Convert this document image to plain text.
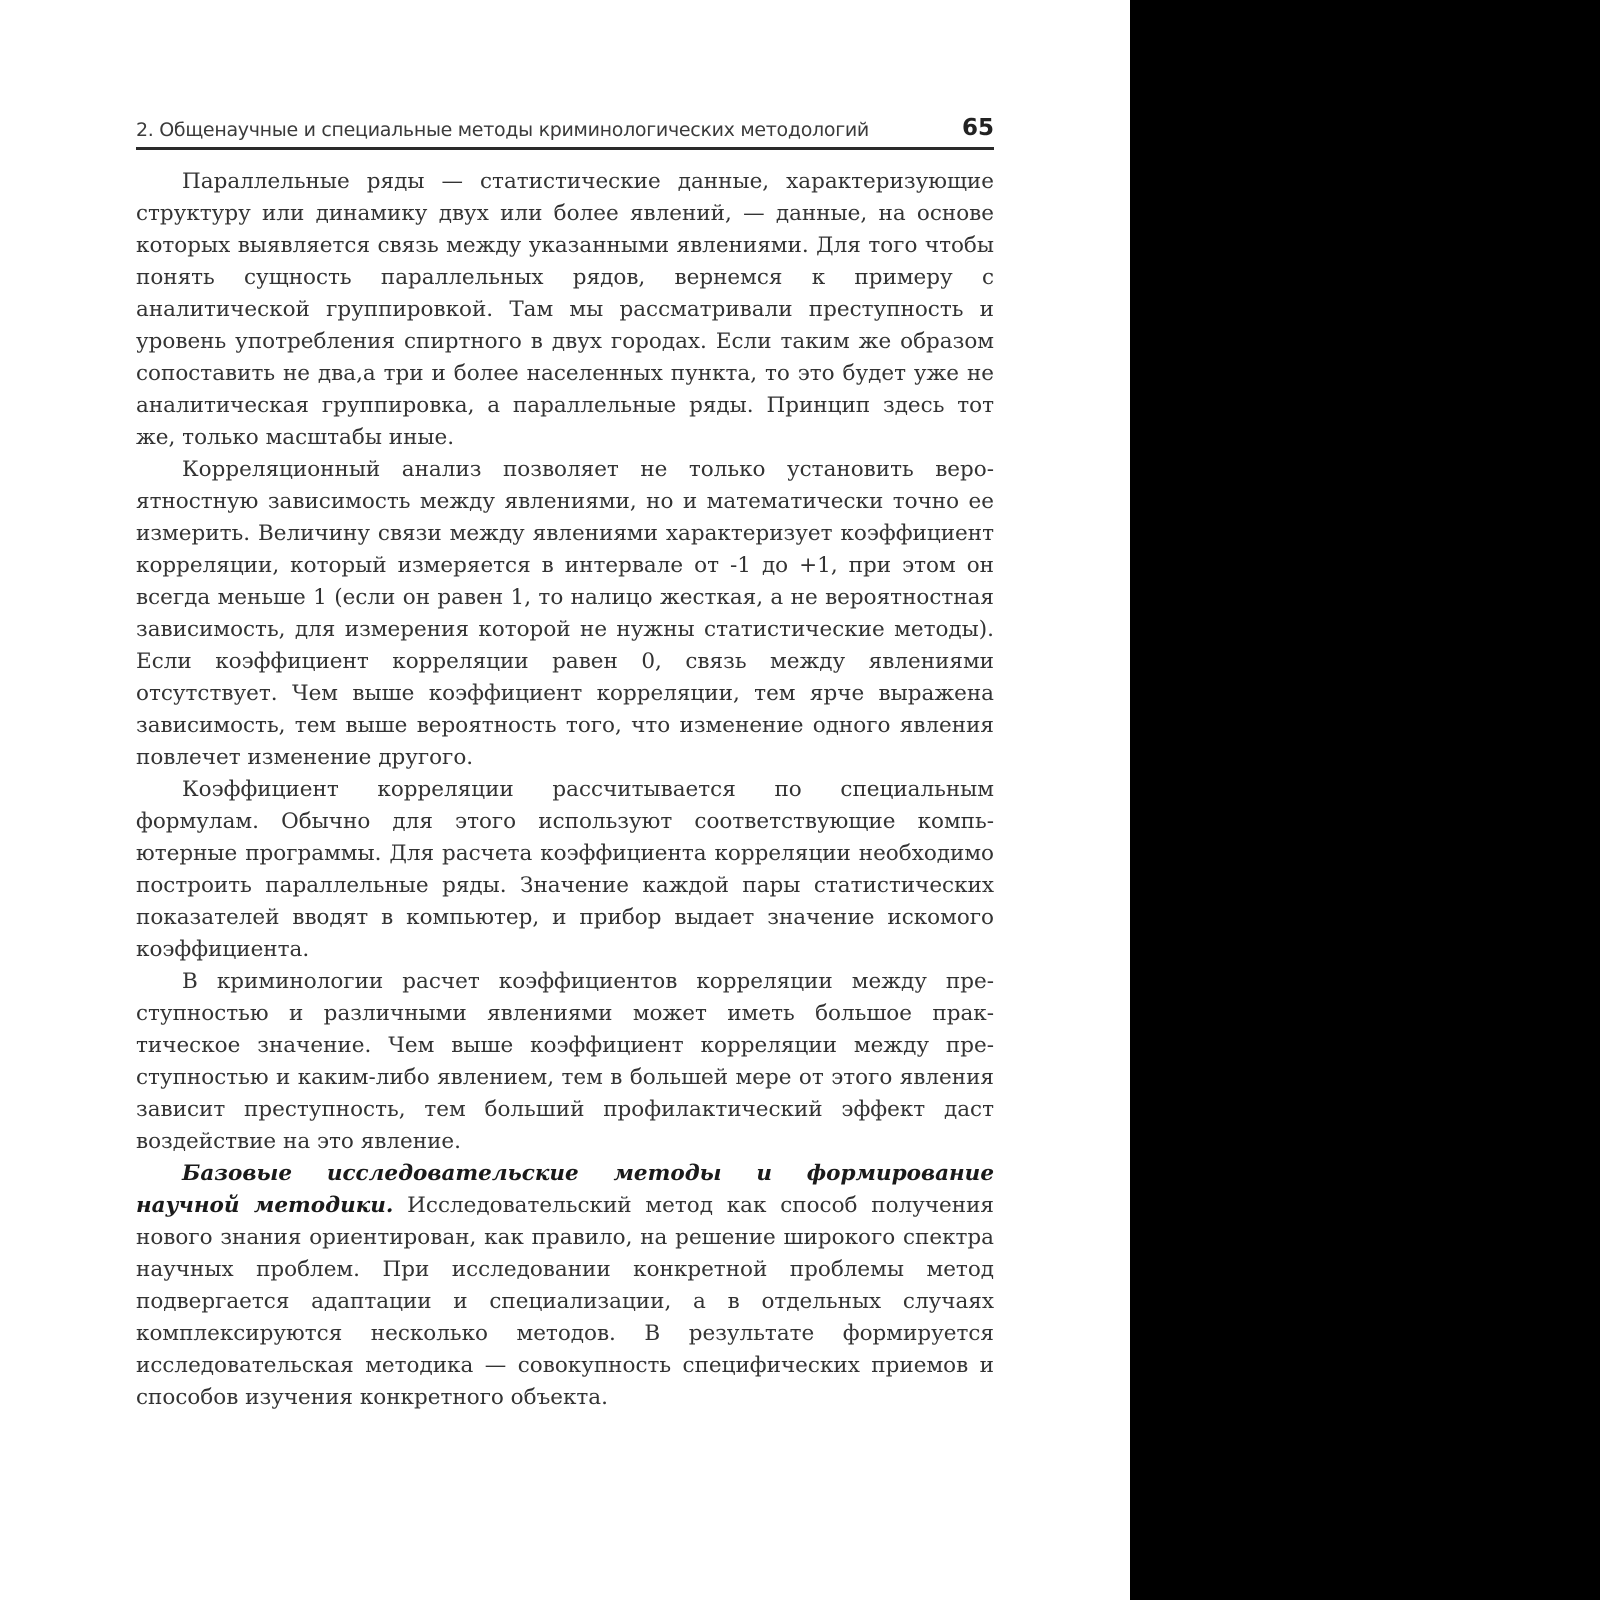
2. Общенаучные и специальные методы криминологических методологий	65

Параллельные ряды — статистические данные, характеризующие структуру или динамику двух или более явлений, — данные, на основе которых выявляется связь между указанными явлениями. Для того чтобы понять сущность параллельных рядов, вернемся к примеру с аналитической группировкой. Там мы рассматривали преступность и уровень употребления спиртного в двух городах. Если таким же образом сопоставить не два,а три и более населенных пункта, то это будет уже не аналитическая группировка, а параллельные ряды. Принцип здесь тот же, только масштабы иные.

Корреляционный анализ позволяет не только установить вероятностную зависимость между явлениями, но и математически точно ее измерить. Величину связи между явлениями характеризует коэффициент корреляции, который измеряется в интервале от -1 до +1, при этом он всегда меньше 1 (если он равен 1, то налицо жесткая, а не вероятностная зависимость, для измерения которой не нужны статистические методы). Если коэффициент корреляции равен 0, связь между явлениями отсутствует. Чем выше коэффициент корреляции, тем ярче выражена зависимость, тем выше вероятность того, что изменение одного явления повлечет изменение другого.

Коэффициент корреляции рассчитывается по специальным формулам. Обычно для этого используют соответствующие компьютерные программы. Для расчета коэффициента корреляции необходимо построить параллельные ряды. Значение каждой пары статистических показателей вводят в компьютер, и прибор выдает значение искомого коэффициента.

В криминологии расчет коэффициентов корреляции между преступностью и различными явлениями может иметь большое практическое значение. Чем выше коэффициент корреляции между преступностью и каким-либо явлением, тем в большей мере от этого явления зависит преступность, тем больший профилактический эффект даст воздействие на это явление.

Базовые исследовательские методы и формирование научной методики. Исследовательский метод как способ получения нового знания ориентирован, как правило, на решение широкого спектра научных проблем. При исследовании конкретной проблемы метод подвергается адаптации и специализации, а в отдельных случаях комплексируются несколько методов. В результате формируется исследовательская методика — совокупность специфических приемов и способов изучения конкретного объекта.
